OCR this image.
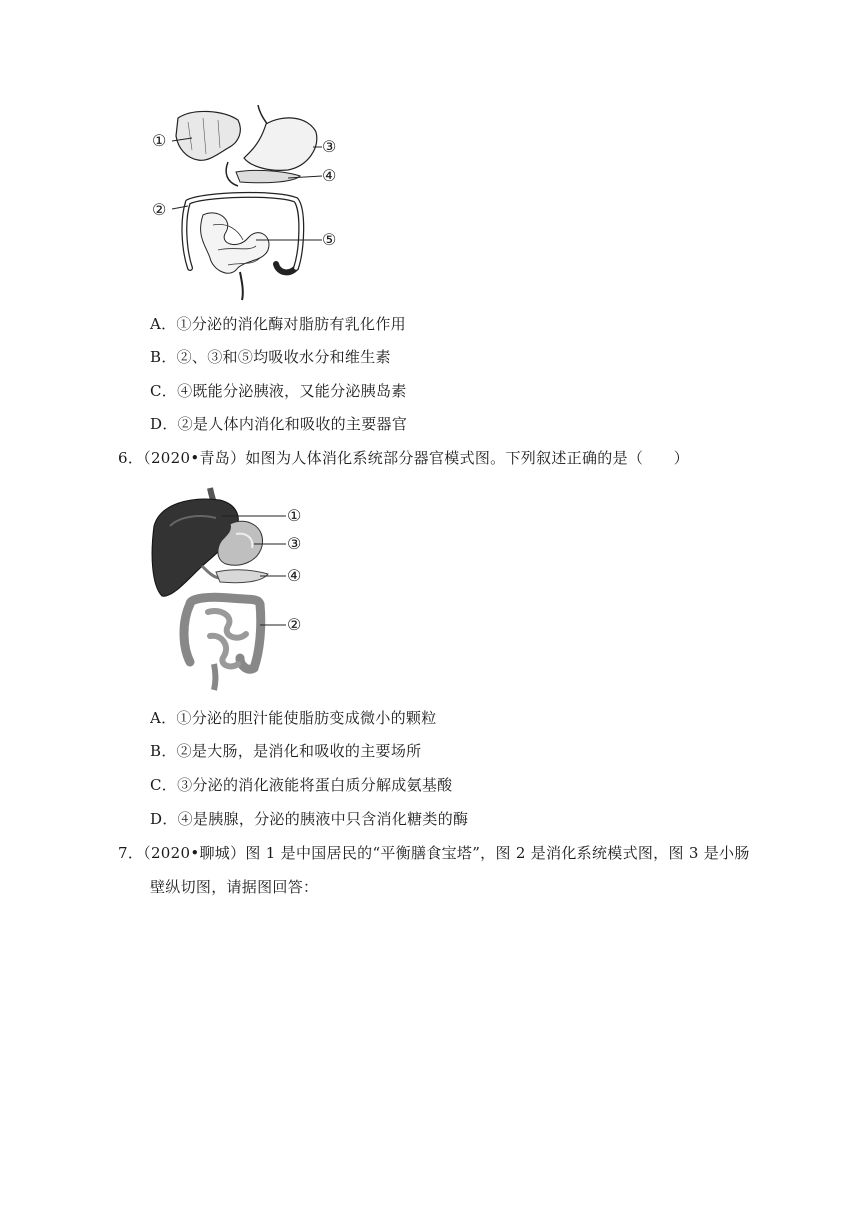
①
②
③
④
⑤
A．①分泌的消化酶对脂肪有乳化作用
B．②、③和⑤均吸收水分和维生素
C．④既能分泌胰液，又能分泌胰岛素
D．②是人体内消化和吸收的主要器官
6．（2020•青岛）如图为人体消化系统部分器官模式图。下列叙述正确的是（　　）
①
③
④
②
A．①分泌的胆汁能使脂肪变成微小的颗粒
B．②是大肠，是消化和吸收的主要场所
C．③分泌的消化液能将蛋白质分解成氨基酸
D．④是胰腺，分泌的胰液中只含消化糖类的酶
7．（2020•聊城）图 1 是中国居民的“平衡膳食宝塔”，图 2 是消化系统模式图，图 3 是小肠
壁纵切图，请据图回答：
